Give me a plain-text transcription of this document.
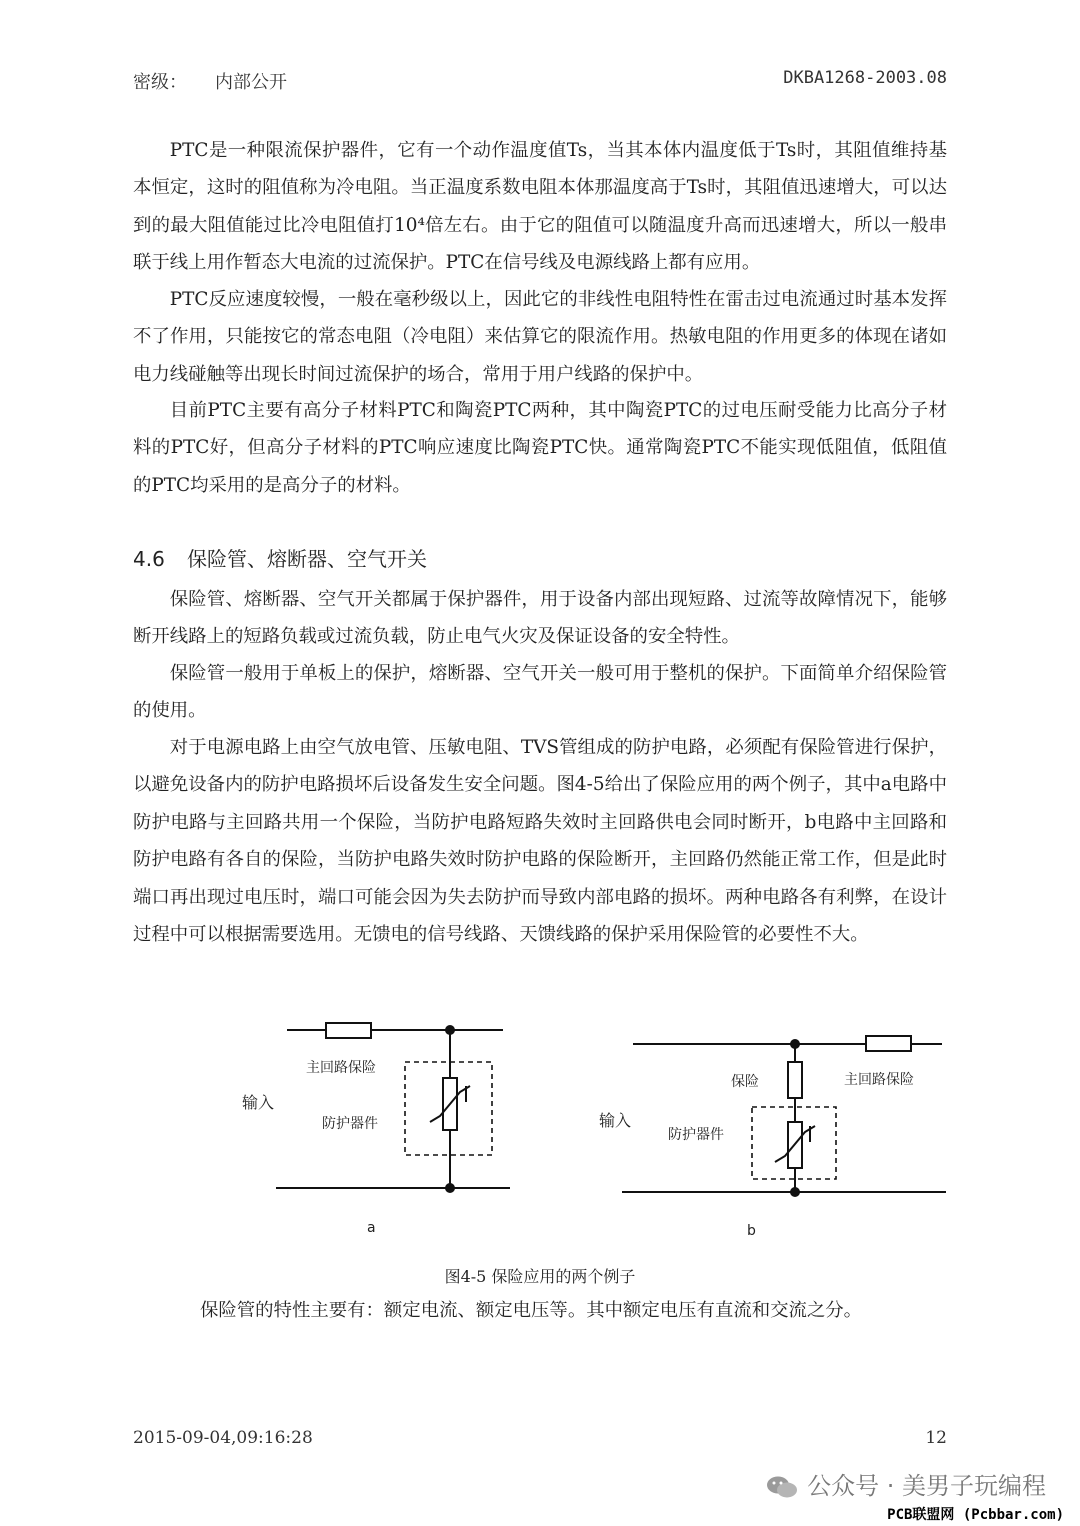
密级： 内部公开	DKBA1268-2003.08

PTC是一种限流保护器件，它有一个动作温度值Ts，当其本体内温度低于Ts时，其阻值维持基本恒定，这时的阻值称为冷电阻。当正温度系数电阻本体那温度高于Ts时，其阻值迅速增大，可以达到的最大阻值能过比冷电阻值打10⁴倍左右。由于它的阻值可以随温度升高而迅速增大，所以一般串联于线上用作暂态大电流的过流保护。PTC在信号线及电源线路上都有应用。

PTC反应速度较慢，一般在毫秒级以上，因此它的非线性电阻特性在雷击过电流通过时基本发挥不了作用，只能按它的常态电阻（冷电阻）来估算它的限流作用。热敏电阻的作用更多的体现在诸如电力线碰触等出现长时间过流保护的场合，常用于用户线路的保护中。

目前PTC主要有高分子材料PTC和陶瓷PTC两种，其中陶瓷PTC的过电压耐受能力比高分子材料的PTC好，但高分子材料的PTC响应速度比陶瓷PTC快。通常陶瓷PTC不能实现低阻值，低阻值的PTC均采用的是高分子的材料。

4.6 保险管、熔断器、空气开关

保险管、熔断器、空气开关都属于保护器件，用于设备内部出现短路、过流等故障情况下，能够断开线路上的短路负载或过流负载，防止电气火灾及保证设备的安全特性。

保险管一般用于单板上的保护，熔断器、空气开关一般可用于整机的保护。下面简单介绍保险管的使用。

对于电源电路上由空气放电管、压敏电阻、TVS管组成的防护电路，必须配有保险管进行保护，以避免设备内的防护电路损坏后设备发生安全问题。图4-5给出了保险应用的两个例子，其中a电路中防护电路与主回路共用一个保险，当防护电路短路失效时主回路供电会同时断开，b电路中主回路和防护电路有各自的保险，当防护电路失效时防护电路的保险断开，主回路仍然能正常工作，但是此时端口再出现过电压时，端口可能会因为失去防护而导致内部电路的损坏。两种电路各有利弊，在设计过程中可以根据需要选用。无馈电的信号线路、天馈线路的保护采用保险管的必要性不大。

主回路保险
输入
防护器件
a
保险	主回路保险
输入
防护器件
b
图4-5 保险应用的两个例子
保险管的特性主要有：额定电流、额定电压等。其中额定电压有直流和交流之分。
2015-09-04,09:16:28	12
公众号 · 美男子玩编程
PCB联盟网 (Pcbbar.com)
